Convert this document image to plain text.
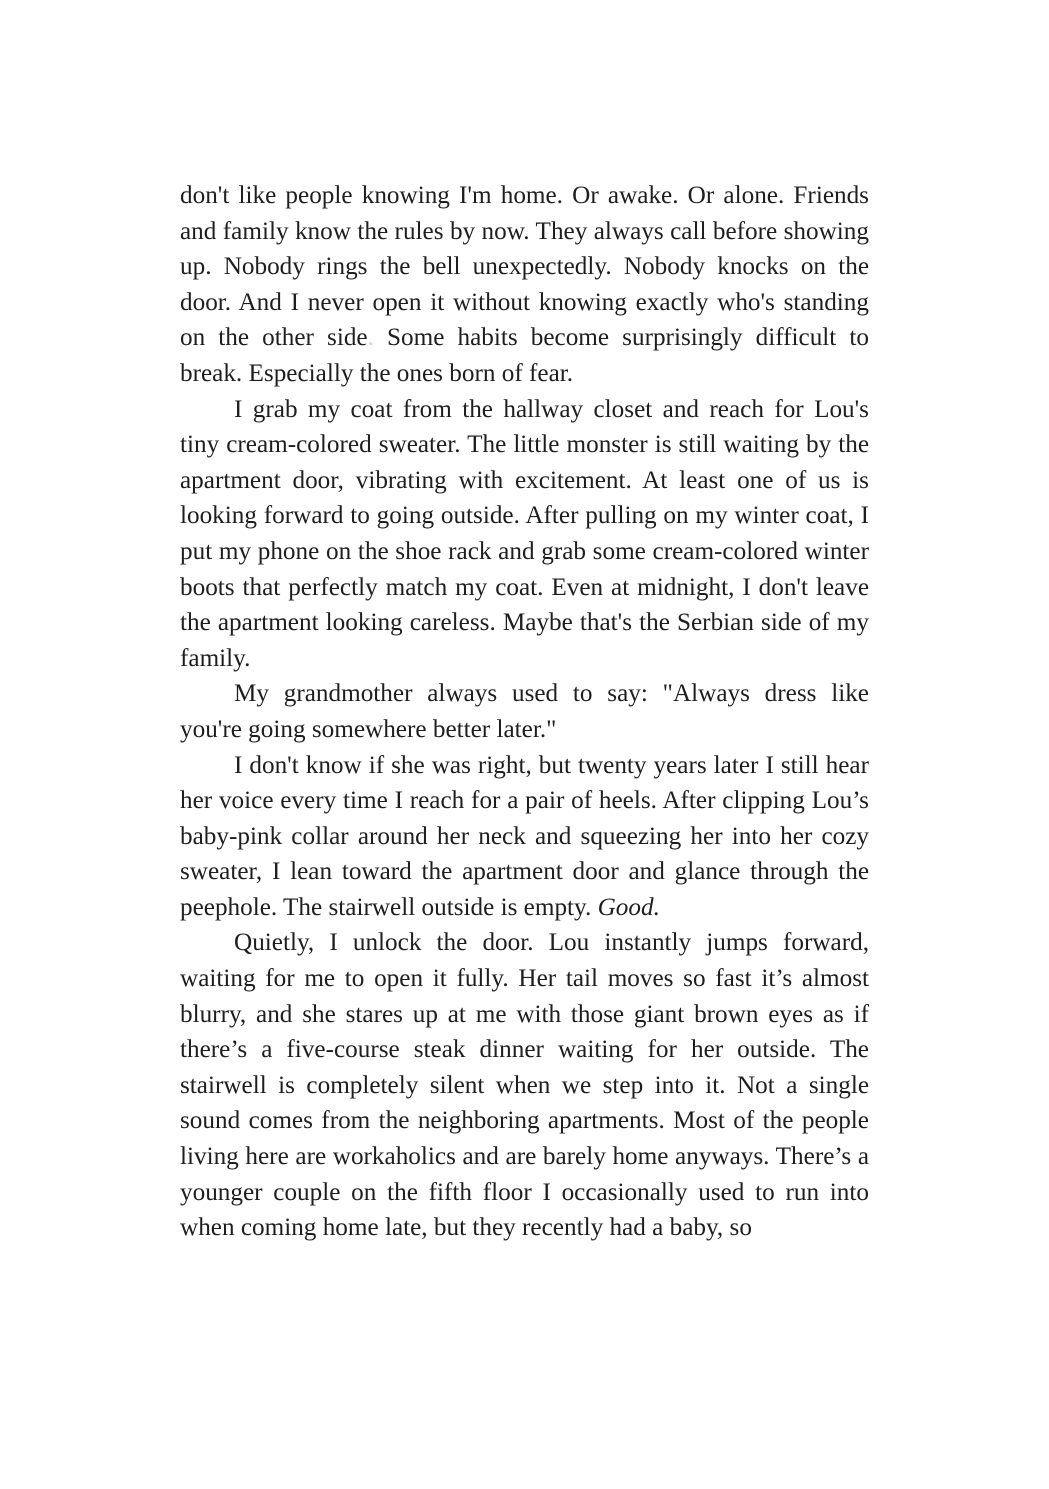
don't like people knowing I'm home. Or awake. Or alone. Friends and family know the rules by now. They always call before showing up. Nobody rings the bell unexpectedly. Nobody knocks on the door. And I never open it without knowing exactly who's standing on the other side. Some habits become surprisingly difficult to break. Especially the ones born of fear.

I grab my coat from the hallway closet and reach for Lou's tiny cream-colored sweater. The little monster is still waiting by the apartment door, vibrating with excitement. At least one of us is looking forward to going outside. After pulling on my winter coat, I put my phone on the shoe rack and grab some cream-colored winter boots that perfectly match my coat. Even at midnight, I don't leave the apartment looking careless. Maybe that's the Serbian side of my family.

My grandmother always used to say: "Always dress like you're going somewhere better later."

I don't know if she was right, but twenty years later I still hear her voice every time I reach for a pair of heels. After clipping Lou’s baby-pink collar around her neck and squeezing her into her cozy sweater, I lean toward the apartment door and glance through the peephole. The stairwell outside is empty. Good.

Quietly, I unlock the door. Lou instantly jumps forward, waiting for me to open it fully. Her tail moves so fast it’s almost blurry, and she stares up at me with those giant brown eyes as if there’s a five-course steak dinner waiting for her outside. The stairwell is completely silent when we step into it. Not a single sound comes from the neighboring apartments. Most of the people living here are workaholics and are barely home anyways. There’s a younger couple on the fifth floor I occasionally used to run into when coming home late, but they recently had a baby, so
